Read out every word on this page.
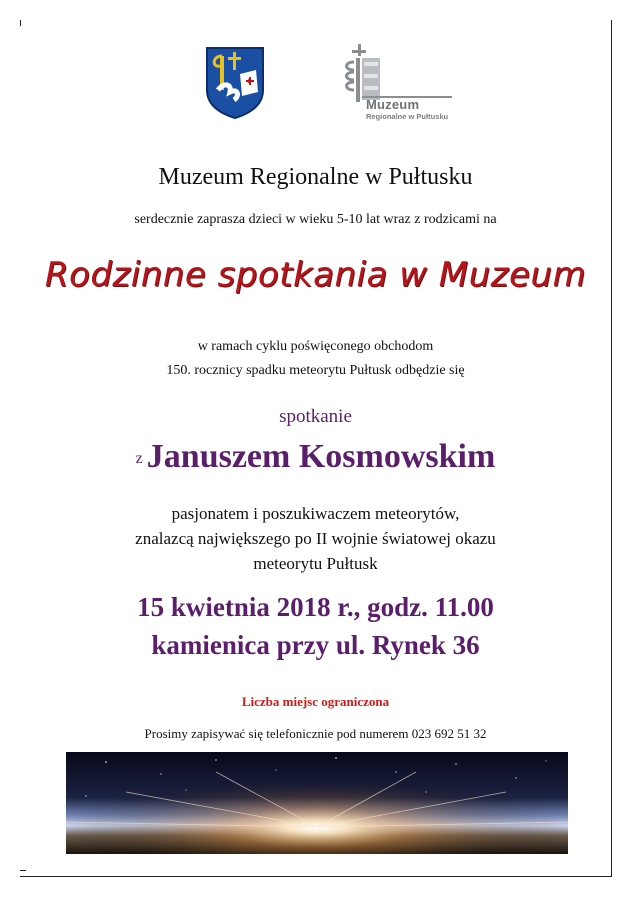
Muzeum
Regionalne w Pułtusku
Muzeum Regionalne w Pułtusku
serdecznie zaprasza dzieci w wieku 5-10 lat wraz z rodzicami na
Rodzinne spotkania w Muzeum
w ramach cyklu poświęconego obchodom
150. rocznicy spadku meteorytu Pułtusk odbędzie się
spotkanie
z Januszem Kosmowskim
pasjonatem i poszukiwaczem meteorytów,
znalazcą największego po II wojnie światowej okazu
meteorytu Pułtusk
15 kwietnia 2018 r., godz. 11.00
kamienica przy ul. Rynek 36
Liczba miejsc ograniczona
Prosimy zapisywać się telefonicznie pod numerem 023 692 51 32
